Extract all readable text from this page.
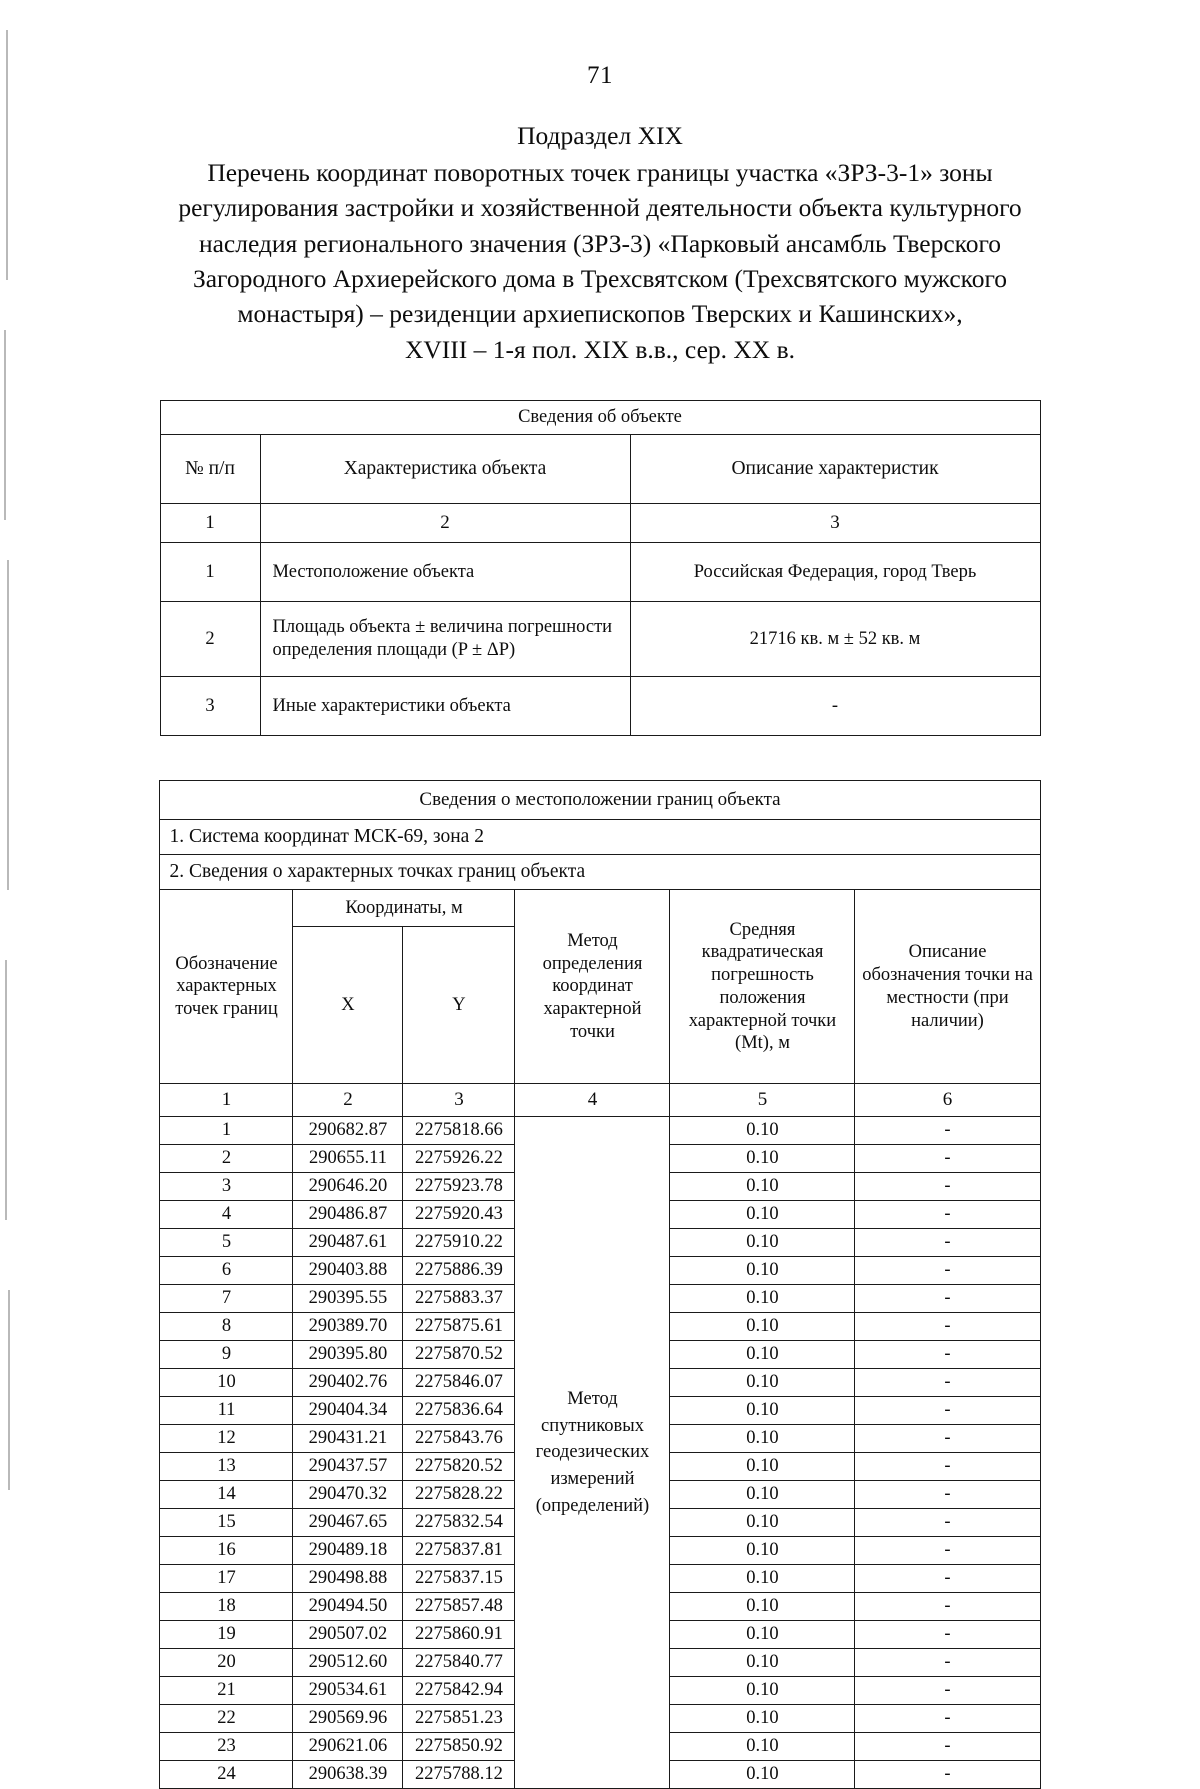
71
Подраздел XIX
Перечень координат поворотных точек границы участка «ЗРЗ-3-1» зоны
регулирования застройки и хозяйственной деятельности объекта культурного
наследия регионального значения (ЗРЗ-3) «Парковый ансамбль Тверского
Загородного Архиерейского дома в Трехсвятском (Трехсвятского мужского
монастыря) – резиденции архиепископов Тверских и Кашинских»,
XVIII – 1-я пол. XIX в.в., сер. XX в.
Сведения об объекте		
№ п/п	Характеристика объекта	Описание характеристик
1	2	3
1	Местоположение объекта	Российская Федерация, город Тверь
2	Площадь объекта ± величина погрешности определения площади (P ± ΔP)	21716 кв. м ± 52 кв. м
3	Иные характеристики объекта	-
Сведения о местоположении границ объекта					
1. Система координат МСК-69, зона 2					
2. Сведения о характерных точках границ объекта					
Обозначение характерных точек границ	Координаты, м		Метод определения координат характерной точки	Средняя квадратическая погрешность положения характерной точки (Mt), м	Описание обозначения точки на местности (при наличии)
	X	Y			
1	2	3	4	5	6
1	290682.87	2275818.66	Метод спутниковых геодезических измерений (определений)	0.10	-
2	290655.11	2275926.22		0.10	-
3	290646.20	2275923.78		0.10	-
4	290486.87	2275920.43		0.10	-
5	290487.61	2275910.22		0.10	-
6	290403.88	2275886.39		0.10	-
7	290395.55	2275883.37		0.10	-
8	290389.70	2275875.61		0.10	-
9	290395.80	2275870.52		0.10	-
10	290402.76	2275846.07		0.10	-
11	290404.34	2275836.64		0.10	-
12	290431.21	2275843.76		0.10	-
13	290437.57	2275820.52		0.10	-
14	290470.32	2275828.22		0.10	-
15	290467.65	2275832.54		0.10	-
16	290489.18	2275837.81		0.10	-
17	290498.88	2275837.15		0.10	-
18	290494.50	2275857.48		0.10	-
19	290507.02	2275860.91		0.10	-
20	290512.60	2275840.77		0.10	-
21	290534.61	2275842.94		0.10	-
22	290569.96	2275851.23		0.10	-
23	290621.06	2275850.92		0.10	-
24	290638.39	2275788.12		0.10	-
